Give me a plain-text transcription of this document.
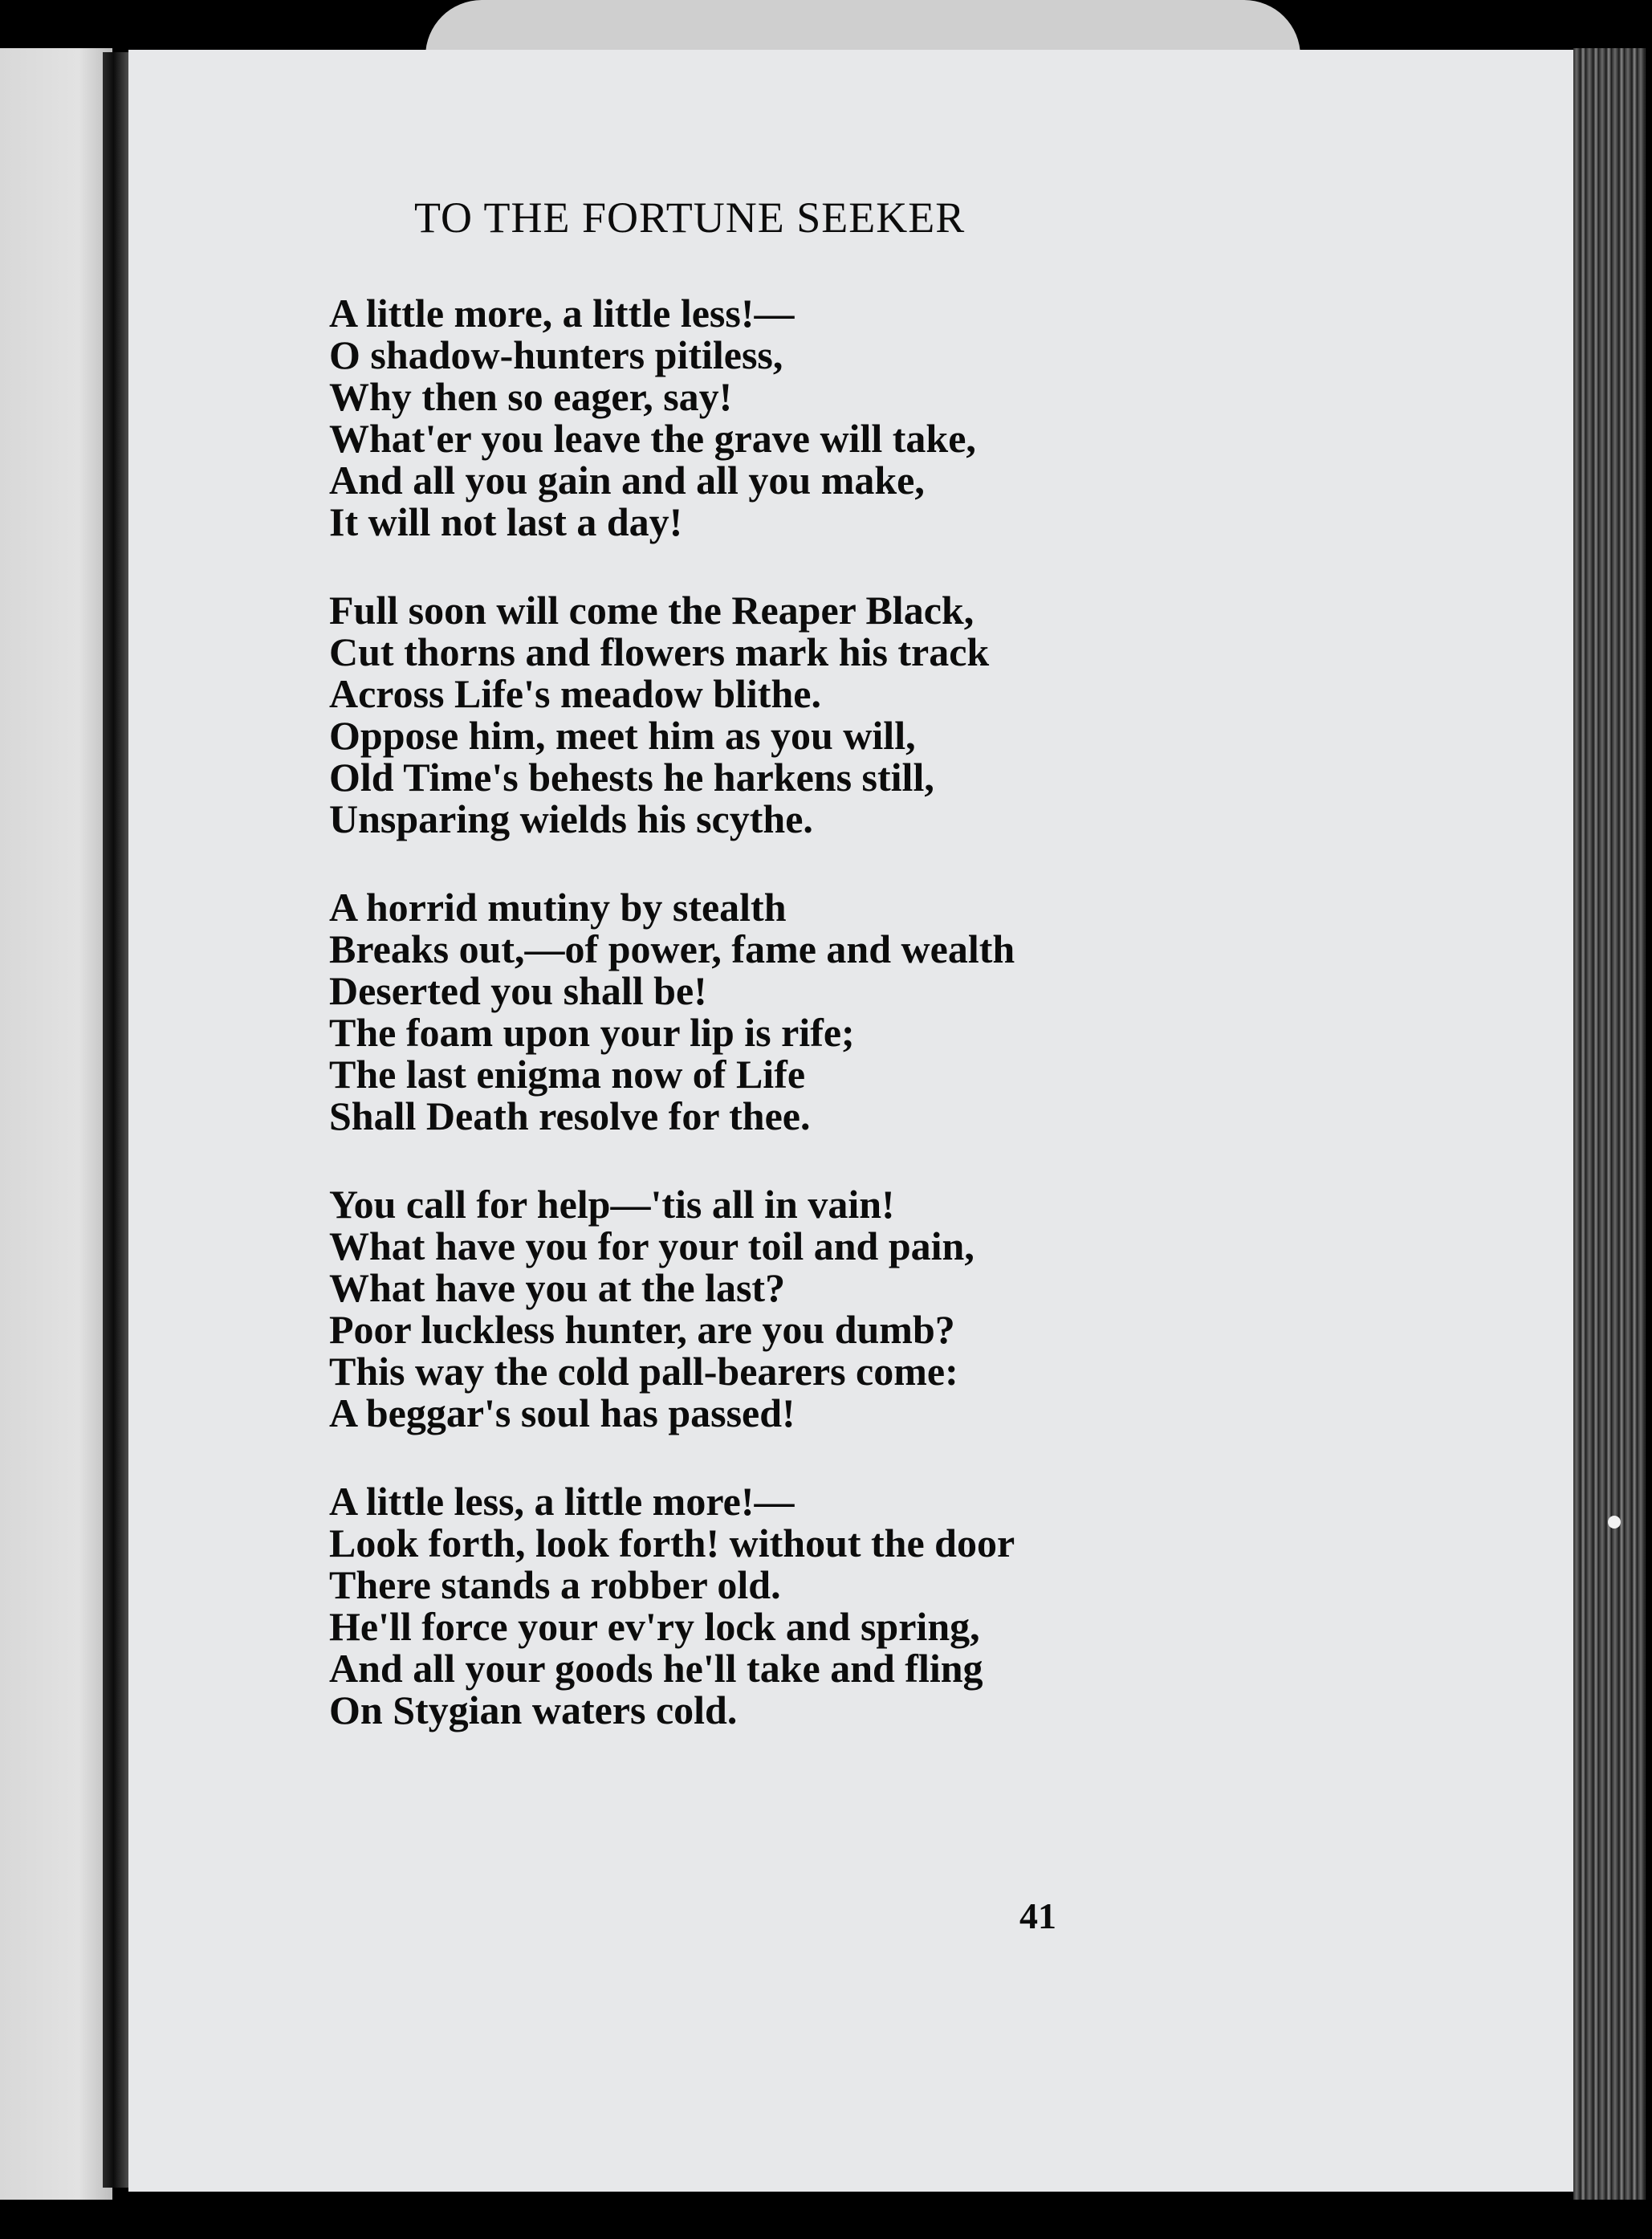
TO THE FORTUNE SEEKER
A little more, a little less!—
O shadow-hunters pitiless,
Why then so eager, say!
What'er you leave the grave will take,
And all you gain and all you make,
It will not last a day!
Full soon will come the Reaper Black,
Cut thorns and flowers mark his track
Across Life's meadow blithe.
Oppose him, meet him as you will,
Old Time's behests he harkens still,
Unsparing wields his scythe.
A horrid mutiny by stealth
Breaks out,—of power, fame and wealth
Deserted you shall be!
The foam upon your lip is rife;
The last enigma now of Life
Shall Death resolve for thee.
You call for help—'tis all in vain!
What have you for your toil and pain,
What have you at the last?
Poor luckless hunter, are you dumb?
This way the cold pall-bearers come:
A beggar's soul has passed!
A little less, a little more!—
Look forth, look forth! without the door
There stands a robber old.
He'll force your ev'ry lock and spring,
And all your goods he'll take and fling
On Stygian waters cold.
41
